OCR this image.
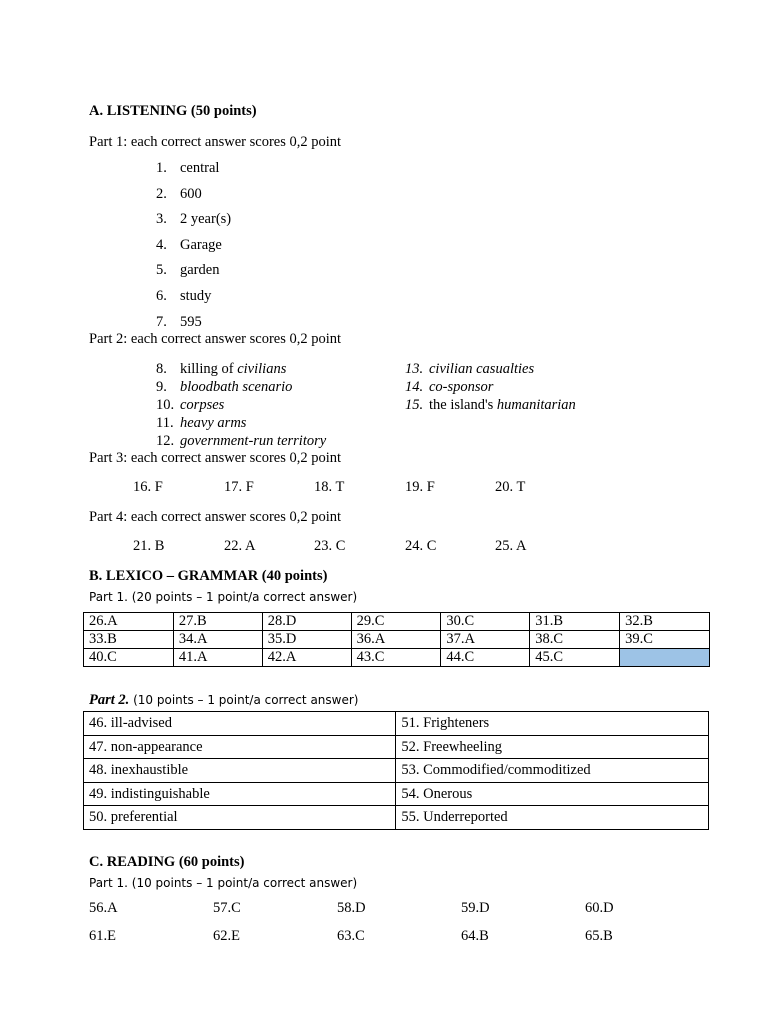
A. LISTENING (50 points)
Part 1: each correct answer scores 0,2 point
1. central
2. 600
3. 2 year(s)
4. Garage
5. garden
6. study
7. 595
Part 2: each correct answer scores 0,2 point
8. killing of civilians
9. bloodbath scenario
10. corpses
11. heavy arms
12. government-run territory
13. civilian casualties
14. co-sponsor
15. the island's humanitarian
Part 3: each correct answer scores 0,2 point
16. F	17. F	18. T	19. F	20. T
Part 4: each correct answer scores 0,2 point
21. B	22. A	23. C	24. C	25. A
B. LEXICO – GRAMMAR (40 points)
Part 1. (20 points – 1 point/a correct answer)
26.A	27.B	28.D	29.C	30.C	31.B	32.B
33.B	34.A	35.D	36.A	37.A	38.C	39.C
40.C	41.A	42.A	43.C	44.C	45.C	
Part 2. (10 points – 1 point/a correct answer)
46. ill-advised	51. Frighteners
47. non-appearance	52. Freewheeling
48. inexhaustible	53. Commodified/commoditized
49. indistinguishable	54. Onerous
50. preferential	55. Underreported
C. READING (60 points)
Part 1. (10 points – 1 point/a correct answer)
56.A	57.C	58.D	59.D	60.D
61.E	62.E	63.C	64.B	65.B
